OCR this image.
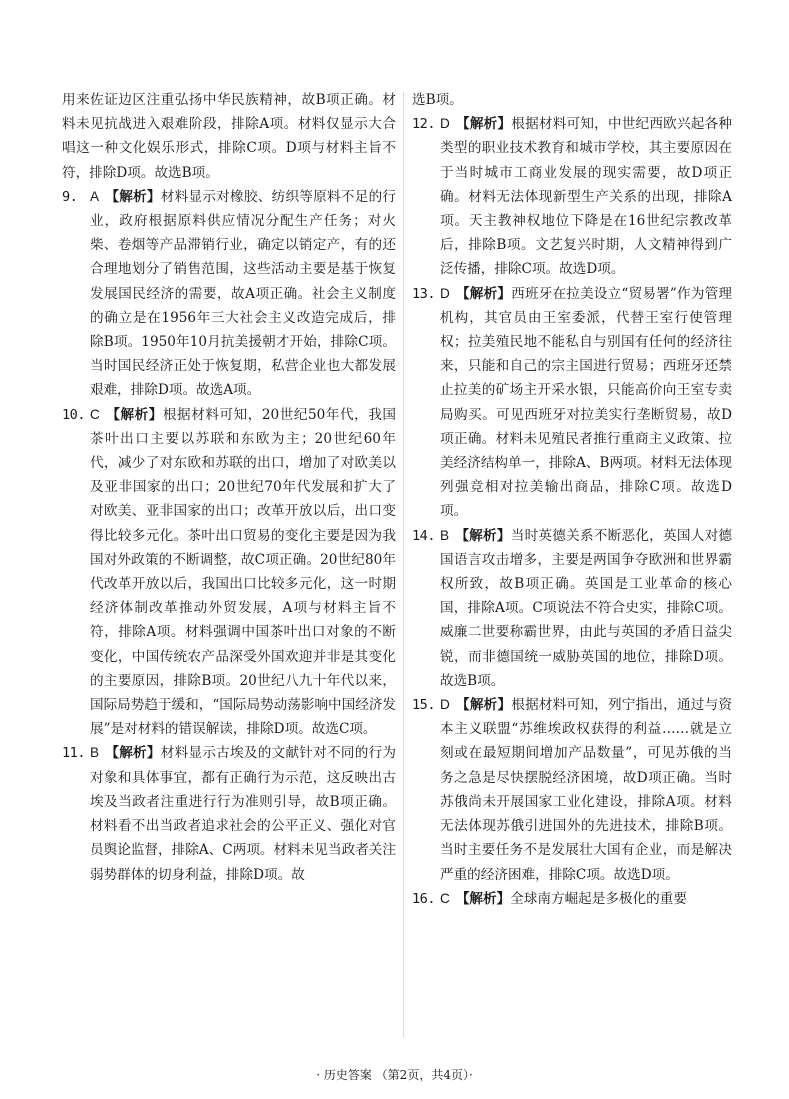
用来佐证边区注重弘扬中华民族精神，故B项正确。材料未见抗战进入艰难阶段，排除A项。材料仅显示大合唱这一种文化娱乐形式，排除C项。D项与材料主旨不符，排除D项。故选B项。

9. A 【解析】材料显示对橡胶、纺织等原料不足的行业，政府根据原料供应情况分配生产任务；对火柴、卷烟等产品滞销行业，确定以销定产，有的还合理地划分了销售范围，这些活动主要是基于恢复发展国民经济的需要，故A项正确。社会主义制度的确立是在1956年三大社会主义改造完成后，排除B项。1950年10月抗美援朝才开始，排除C项。当时国民经济正处于恢复期，私营企业也大都发展艰难，排除D项。故选A项。

10. C 【解析】根据材料可知，20世纪50年代，我国茶叶出口主要以苏联和东欧为主；20世纪60年代，减少了对东欧和苏联的出口，增加了对欧美以及亚非国家的出口；20世纪70年代发展和扩大了对欧美、亚非国家的出口；改革开放以后，出口变得比较多元化。茶叶出口贸易的变化主要是因为我国对外政策的不断调整，故C项正确。20世纪80年代改革开放以后，我国出口比较多元化，这一时期经济体制改革推动外贸发展，A项与材料主旨不符，排除A项。材料强调中国茶叶出口对象的不断变化，中国传统农产品深受外国欢迎并非是其变化的主要原因，排除B项。20世纪八九十年代以来，国际局势趋于缓和，“国际局势动荡影响中国经济发展”是对材料的错误解读，排除D项。故选C项。

11. B 【解析】材料显示古埃及的文献针对不同的行为对象和具体事宜，都有正确行为示范，这反映出古埃及当政者注重进行行为准则引导，故B项正确。材料看不出当政者追求社会的公平正义、强化对官员舆论监督，排除A、C两项。材料未见当政者关注弱势群体的切身利益，排除D项。故

选B项。

12. D 【解析】根据材料可知，中世纪西欧兴起各种类型的职业技术教育和城市学校，其主要原因在于当时城市工商业发展的现实需要，故D项正确。材料无法体现新型生产关系的出现，排除A项。天主教神权地位下降是在16世纪宗教改革后，排除B项。文艺复兴时期，人文精神得到广泛传播，排除C项。故选D项。

13. D 【解析】西班牙在拉美设立“贸易署”作为管理机构，其官员由王室委派，代替王室行使管理权；拉美殖民地不能私自与别国有任何的经济往来，只能和自己的宗主国进行贸易；西班牙还禁止拉美的矿场主开采水银，只能高价向王室专卖局购买。可见西班牙对拉美实行垄断贸易，故D项正确。材料未见殖民者推行重商主义政策、拉美经济结构单一，排除A、B两项。材料无法体现列强竞相对拉美输出商品，排除C项。故选D项。

14. B 【解析】当时英德关系不断恶化，英国人对德国语言攻击增多，主要是两国争夺欧洲和世界霸权所致，故B项正确。英国是工业革命的核心国，排除A项。C项说法不符合史实，排除C项。威廉二世要称霸世界，由此与英国的矛盾日益尖锐，而非德国统一威胁英国的地位，排除D项。故选B项。

15. D 【解析】根据材料可知，列宁指出，通过与资本主义联盟“苏维埃政权获得的利益……就是立刻或在最短期间增加产品数量”，可见苏俄的当务之急是尽快摆脱经济困境，故D项正确。当时苏俄尚未开展国家工业化建设，排除A项。材料无法体现苏俄引进国外的先进技术，排除B项。当时主要任务不是发展壮大国有企业，而是解决严重的经济困难，排除C项。故选D项。

16. C 【解析】全球南方崛起是多极化的重要

· 历史答案 （第2页，共4页）·
